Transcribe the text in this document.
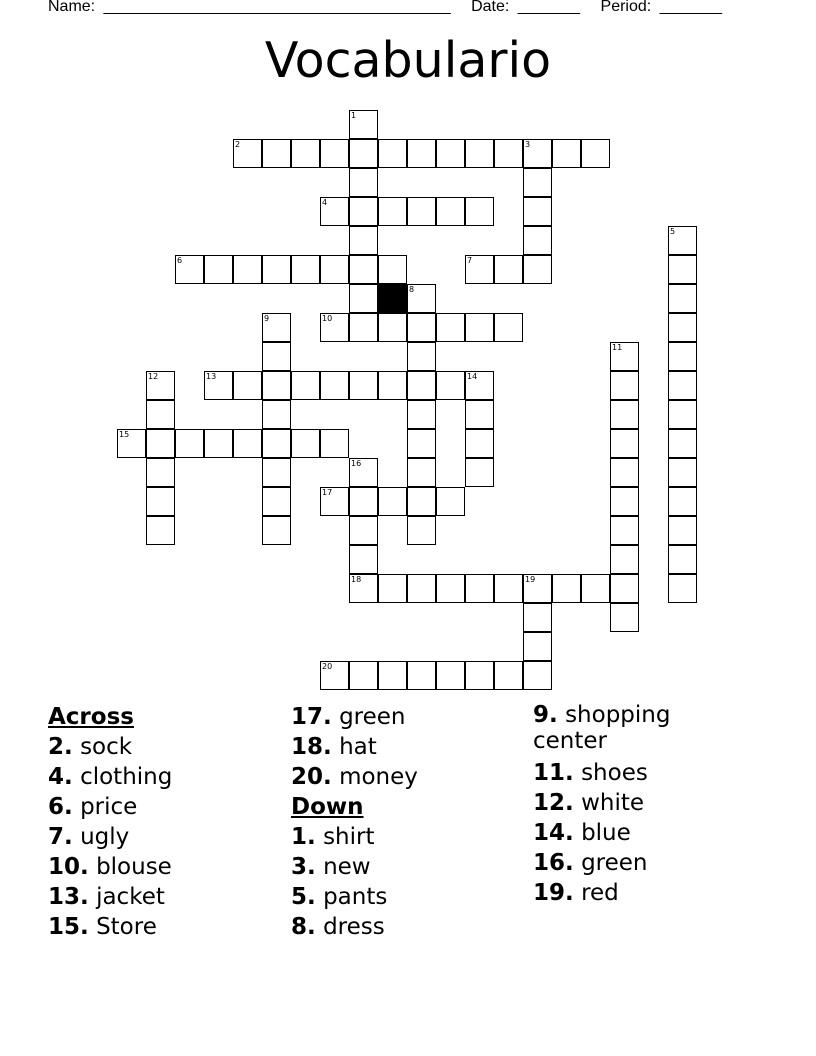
Name: _______________________________________ Date: _______ Period: _______
Vocabulario
2	3
4
6	7
10
13	14
15
17
18	19
20
1
5
8
9
11
12
16
Across
2. sock
4. clothing
6. price
7. ugly
10. blouse
13. jacket
15. Store
17. green
18. hat
20. money
Down
1. shirt
3. new
5. pants
8. dress
9. shopping center
11. shoes
12. white
14. blue
16. green
19. red
